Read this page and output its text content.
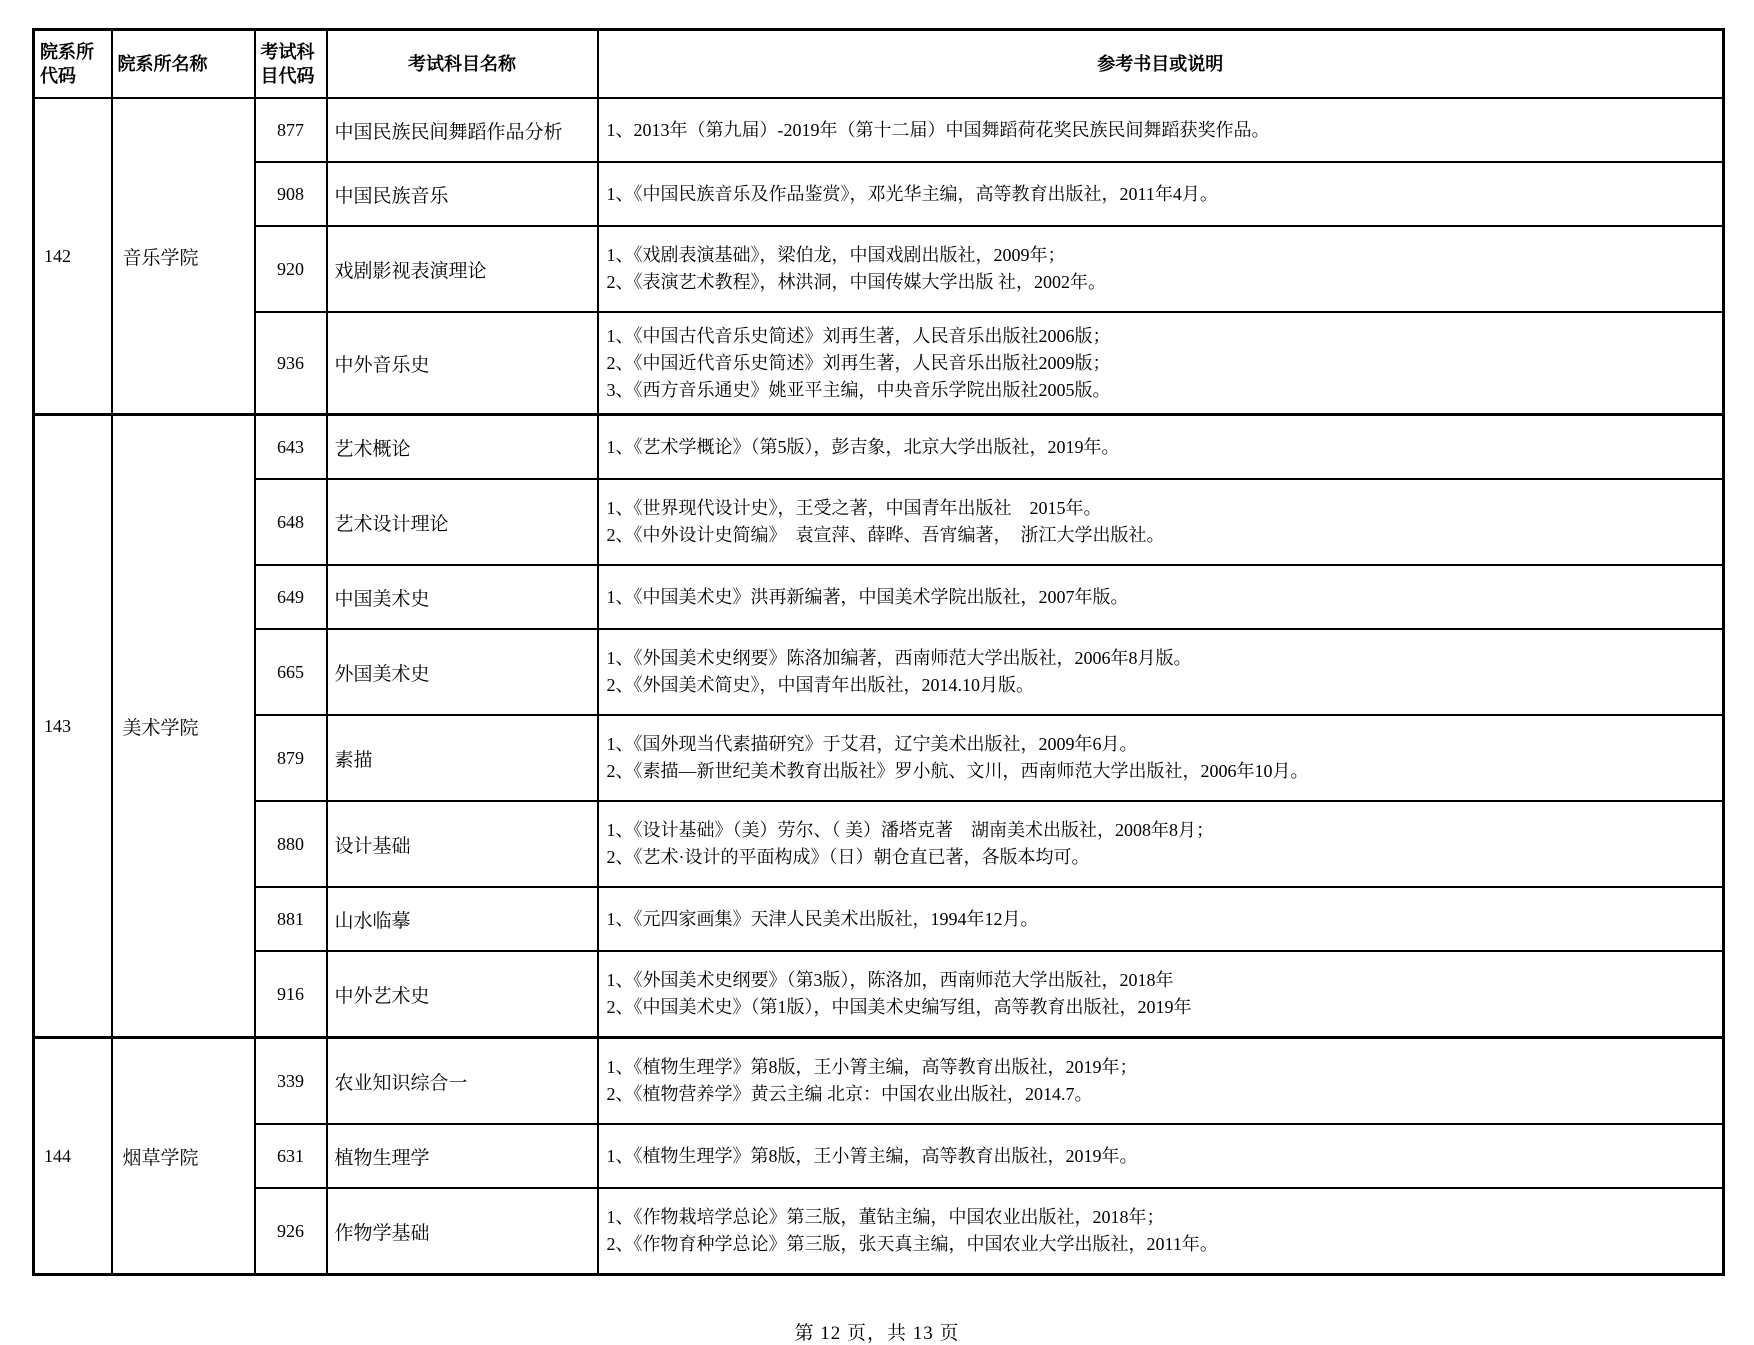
院系所代码	院系所名称	考试科目代码	考试科目名称	参考书目或说明
142	音乐学院	877	中国民族民间舞蹈作品分析	1、2013年（第九届）-2019年（第十二届）中国舞蹈荷花奖民族民间舞蹈获奖作品。

		908	中国民族音乐	1、《中国民族音乐及作品鉴赏》，邓光华主编，高等教育出版社，2011年4月。

		920	戏剧影视表演理论	1、《戏剧表演基础》，梁伯龙，中国戏剧出版社，2009年；
2、《表演艺术教程》，林洪洞，中国传媒大学出版 社，2002年。

		936	中外音乐史	1、《中国古代音乐史简述》刘再生著，人民音乐出版社2006版；
2、《中国近代音乐史简述》刘再生著，人民音乐出版社2009版；
3、《西方音乐通史》姚亚平主编，中央音乐学院出版社2005版。

143	美术学院	643	艺术概论	1、《艺术学概论》（第5版），彭吉象，北京大学出版社，2019年。

		648	艺术设计理论	1、《世界现代设计史》，王受之著，中国青年出版社　2015年。
2、《中外设计史简编》　袁宣萍、薛晔、吾宵编著，　浙江大学出版社。

		649	中国美术史	1、《中国美术史》洪再新编著，中国美术学院出版社，2007年版。

		665	外国美术史	1、《外国美术史纲要》陈洛加编著，西南师范大学出版社，2006年8月版。
2、《外国美术简史》，中国青年出版社，2014.10月版。

		879	素描	1、《国外现当代素描研究》于艾君，辽宁美术出版社，2009年6月。
2、《素描—新世纪美术教育出版社》罗小航、文川，西南师范大学出版社，2006年10月。

		880	设计基础	1、《设计基础》（美）劳尔、（ 美）潘塔克著　湖南美术出版社，2008年8月；
2、《艺术·设计的平面构成》（日）朝仓直已著，各版本均可。

		881	山水临摹	1、《元四家画集》天津人民美术出版社，1994年12月。

		916	中外艺术史	1、《外国美术史纲要》（第3版），陈洛加，西南师范大学出版社，2018年
2、《中国美术史》（第1版），中国美术史编写组，高等教育出版社，2019年

144	烟草学院	339	农业知识综合一	1、《植物生理学》第8版，王小箐主编，高等教育出版社，2019年；
2、《植物营养学》黄云主编 北京：中国农业出版社，2014.7。

		631	植物生理学	1、《植物生理学》第8版，王小箐主编，高等教育出版社，2019年。

		926	作物学基础	1、《作物栽培学总论》第三版，董钻主编，中国农业出版社，2018年；
2、《作物育种学总论》第三版，张天真主编，中国农业大学出版社，2011年。
第 12 页，共 13 页
